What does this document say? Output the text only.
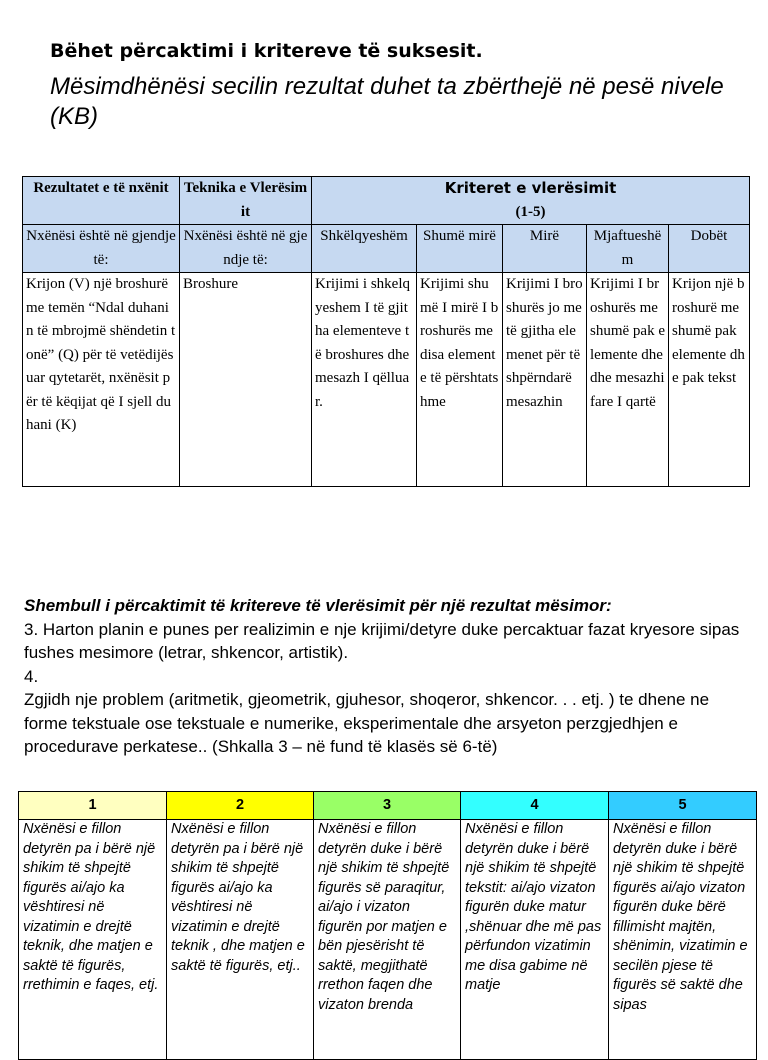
Bëhet përcaktimi i kritereve të suksesit.
Mësimdhënësi secilin rezultat duhet ta zbërthejë në pesë nivele (KB)
Rezultatet e të nxënit	Teknika e Vlerësimit	Kriteret e vlerësimit
(1-5)				

Nxënësi është në gjendje të:	Nxënësi është në gjendje të:	Shkëlqyeshëm	Shumë mirë	Mirë	Mjaftueshëm	Dobët
Krijon (V) një broshurë me temën “Ndal duhanin të mbrojmë shëndetin tonë” (Q) për të vetëdijësuar qytetarët, nxënësit për të këqijat që I sjell duhani (K)	Broshure	Krijimi i shkelqyeshem I të gjitha elementeve të broshures dhe mesazh I qëlluar.	Krijimi shumë I mirë I broshurës me disa elemente të përshtatshme	Krijimi I broshurës jo me të gjitha elemenet për të shpërndarë mesazhin	Krijimi I broshurës me shumë pak elemente dhe dhe mesazhi fare I qartë	Krijon një broshurë me shumë pak elemente dhe pak tekst
Shembull i përcaktimit të kritereve të vlerësimit për një rezultat mësimor:
3. Harton planin e punes per realizimin e nje krijimi/detyre duke percaktuar fazat kryesore sipas fushes mesimore (letrar, shkencor, artistik).
4.
Zgjidh nje problem (aritmetik, gjeometrik, gjuhesor, shoqeror, shkencor. . . etj. ) te dhene ne forme tekstuale ose tekstuale e numerike, eksperimentale dhe arsyeton perzgjedhjen e procedurave perkatese.. (Shkalla 3 – në fund të klasës së 6-të)
1	2	3	4	5
Nxënësi e fillon detyrën pa i bërë një shikim të shpejtë figurës ai/ajo ka vështiresi në vizatimin e drejtë teknik, dhe matjen e saktë të figurës, rrethimin e faqes, etj.	Nxënësi e fillon detyrën pa i bërë një shikim të shpejtë figurës ai/ajo ka vështiresi në vizatimin e drejtë teknik , dhe matjen e saktë të figurës, etj..	Nxënësi e fillon detyrën duke i bërë një shikim të shpejtë figurës së paraqitur, ai/ajo i vizaton figurën por matjen e bën pjesërisht të saktë, megjithatë rrethon faqen dhe vizaton brenda	Nxënësi e fillon detyrën duke i bërë një shikim të shpejtë tekstit: ai/ajo vizaton figurën duke matur ,shënuar dhe më pas përfundon vizatimin me disa gabime në matje	Nxënësi e fillon detyrën duke i bërë një shikim të shpejtë figurës ai/ajo vizaton figurën duke bërë fillimisht majtën, shënimin, vizatimin e secilën pjese të figurës së saktë dhe sipas
